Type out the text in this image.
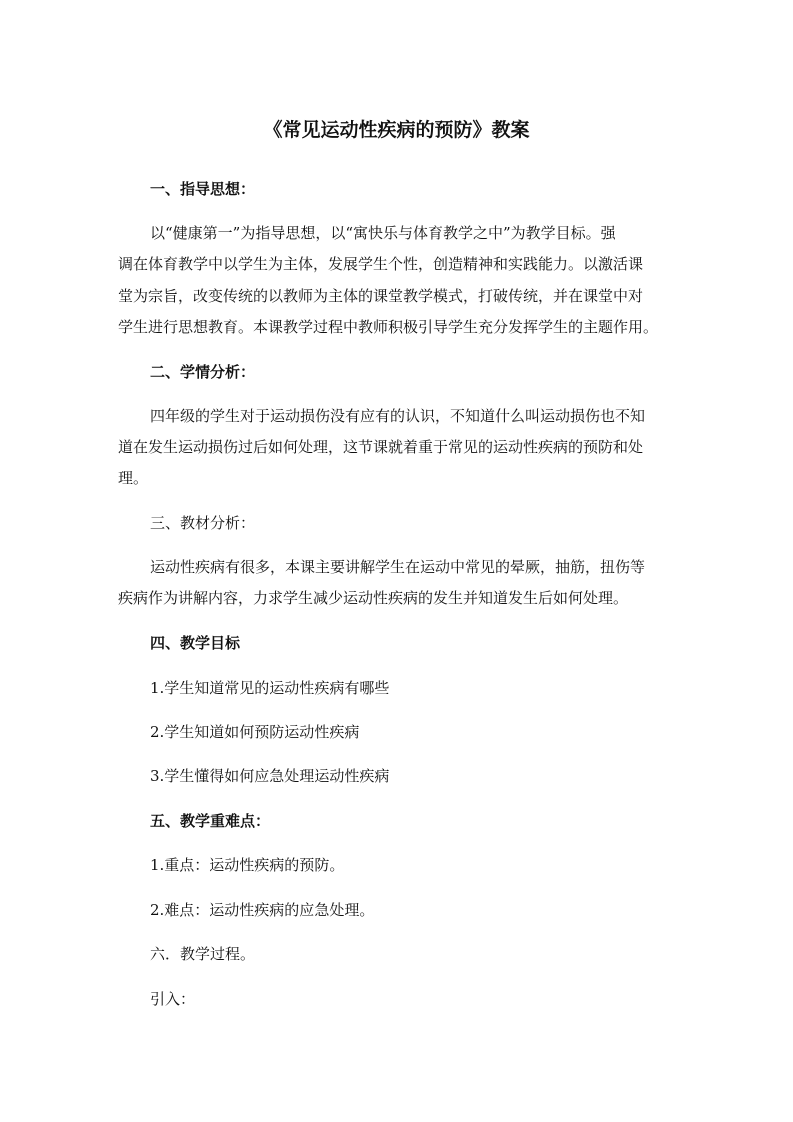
《常见运动性疾病的预防》教案
一、指导思想：
以“健康第一”为指导思想，以“寓快乐与体育教学之中”为教学目标。强
调在体育教学中以学生为主体，发展学生个性，创造精神和实践能力。以激活课
堂为宗旨，改变传统的以教师为主体的课堂教学模式，打破传统，并在课堂中对
学生进行思想教育。本课教学过程中教师积极引导学生充分发挥学生的主题作用。
二、学情分析：
四年级的学生对于运动损伤没有应有的认识，不知道什么叫运动损伤也不知
道在发生运动损伤过后如何处理，这节课就着重于常见的运动性疾病的预防和处
理。
三、教材分析：
运动性疾病有很多，本课主要讲解学生在运动中常见的晕厥，抽筋，扭伤等
疾病作为讲解内容，力求学生减少运动性疾病的发生并知道发生后如何处理。
四、教学目标
1.学生知道常见的运动性疾病有哪些
2.学生知道如何预防运动性疾病
3.学生懂得如何应急处理运动性疾病
五、教学重难点：
1.重点：运动性疾病的预防。
2.难点：运动性疾病的应急处理。
六．教学过程。
引入：
